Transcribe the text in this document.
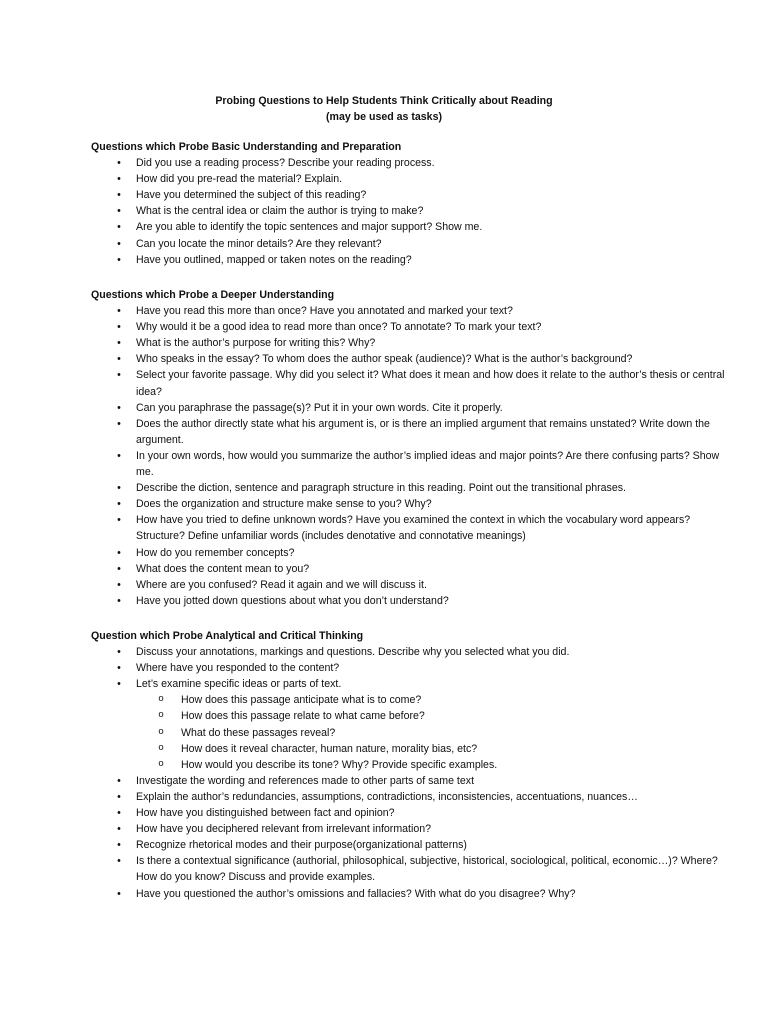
Probing Questions to Help Students Think Critically about Reading
(may be used as tasks)
Questions which Probe Basic Understanding and Preparation
• Did you use a reading process? Describe your reading process.
• How did you pre-read the material? Explain.
• Have you determined the subject of this reading?
• What is the central idea or claim the author is trying to make?
• Are you able to identify the topic sentences and major support? Show me.
• Can you locate the minor details? Are they relevant?
• Have you outlined, mapped or taken notes on the reading?
Questions which Probe a Deeper Understanding
• Have you read this more than once? Have you annotated and marked your text?
• Why would it be a good idea to read more than once? To annotate? To mark your text?
• What is the author’s purpose for writing this? Why?
• Who speaks in the essay? To whom does the author speak (audience)? What is the author’s background?
• Select your favorite passage. Why did you select it? What does it mean and how does it relate to the author’s thesis or central idea?
• Can you paraphrase the passage(s)? Put it in your own words. Cite it properly.
• Does the author directly state what his argument is, or is there an implied argument that remains unstated? Write down the argument.
• In your own words, how would you summarize the author’s implied ideas and major points? Are there confusing parts? Show me.
• Describe the diction, sentence and paragraph structure in this reading. Point out the transitional phrases.
• Does the organization and structure make sense to you? Why?
• How have you tried to define unknown words? Have you examined the context in which the vocabulary word appears? Structure? Define unfamiliar words (includes denotative and connotative meanings)
• How do you remember concepts?
• What does the content mean to you?
• Where are you confused? Read it again and we will discuss it.
• Have you jotted down questions about what you don’t understand?
Question which Probe Analytical and Critical Thinking
• Discuss your annotations, markings and questions. Describe why you selected what you did.
• Where have you responded to the content?
• Let’s examine specific ideas or parts of text.
o How does this passage anticipate what is to come?
o How does this passage relate to what came before?
o What do these passages reveal?
o How does it reveal character, human nature, morality bias, etc?
o How would you describe its tone? Why? Provide specific examples.
• Investigate the wording and references made to other parts of same text
• Explain the author’s redundancies, assumptions, contradictions, inconsistencies, accentuations, nuances…
• How have you distinguished between fact and opinion?
• How have you deciphered relevant from irrelevant information?
• Recognize rhetorical modes and their purpose(organizational patterns)
• Is there a contextual significance (authorial, philosophical, subjective, historical, sociological, political, economic…)? Where? How do you know? Discuss and provide examples.
• Have you questioned the author’s omissions and fallacies? With what do you disagree? Why?
